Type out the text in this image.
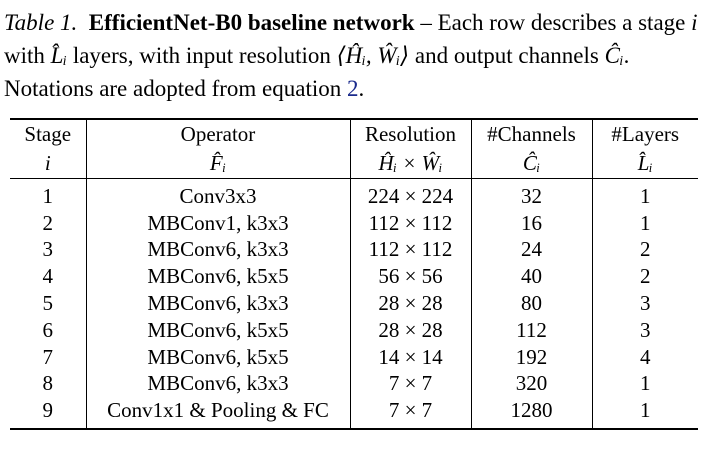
Table 1. EfficientNet-B0 baseline network – Each row describes a stage i with L̂ᵢ layers, with input resolution ⟨Ĥᵢ, Ŵᵢ⟩ and output channels Ĉᵢ. Notations are adopted from equation 2.
Stage	Operator	Resolution	#Channels	#Layers
i	F̂ᵢ	Ĥᵢ × Ŵᵢ	Ĉᵢ	L̂ᵢ

1	Conv3x3	224 × 224	32	1
2	MBConv1, k3x3	112 × 112	16	1
3	MBConv6, k3x3	112 × 112	24	2
4	MBConv6, k5x5	56 × 56	40	2
5	MBConv6, k3x3	28 × 28	80	3
6	MBConv6, k5x5	28 × 28	112	3
7	MBConv6, k5x5	14 × 14	192	4
8	MBConv6, k3x3	7 × 7	320	1
9	Conv1x1 & Pooling & FC	7 × 7	1280	1
